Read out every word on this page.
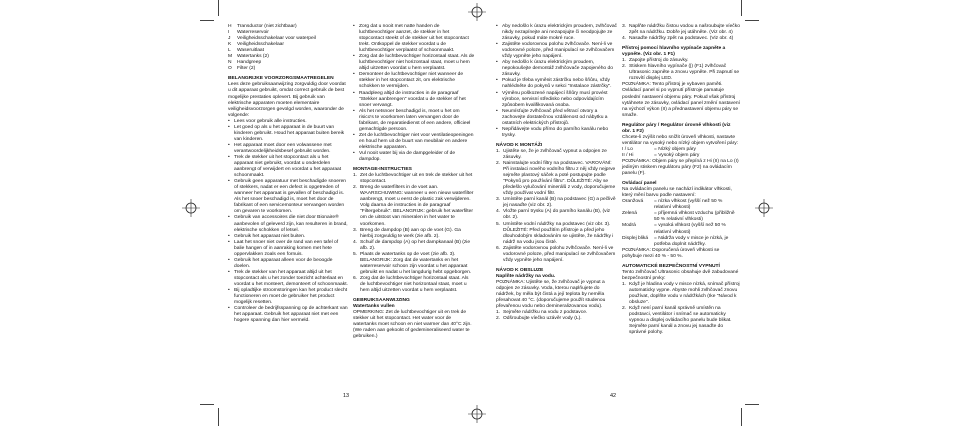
H	Transductor (niet zichtbaar)
I	Waterreservoir
J	Veiligheidsschakelaar voor waterpeil
K	Veiligheidsschakelaar
L	Waseruitlaat
M	Watertanks (2)
N	Handgreep
O	Filter (2)

BELANGRIJKE VOORZORGSMAATREGELEN

Lees deze gebruiksaanwijzing zorgvuldig door voordat u dit apparaat gebruikt, omdat correct gebruik de best mogelijke prestaties oplevert. Bij gebruik van elektrische apparaten moeten elementaire veiligheidsvoorzorgen gevolgd worden, waaronder de volgende:

• Lees voor gebruik alle instructies.
• Let goed op als u het apparaat in de buurt van kinderen gebruikt. Houd het apparaat buiten bereik van kinderen.
• Het apparaat moet door een volwassene met verantwoordelijkheidsbesef gebruikt worden.
• Trek de stekker uit het stopcontact als u het apparaat niet gebruikt, voordat u onderdelen aanbrengt of verwijdert en voordat u het apparaat schoonmaakt.
• Gebruik geen apparatuur met beschadigde snoeren of stekkers, nadat er een defect is opgetreden of wanneer het apparaat is gevallen of beschadigd is. Als het snoer beschadigd is, moet het door de fabrikant of een servicemonteur vervangen worden om gevaren te voorkomen.
• Gebruik van accessoires die niet door Bionaire® aanbevolen of geleverd zijn, kan resulteren in brand, elektrische schokken of letsel.
• Gebruik het apparaat niet buiten.
• Laat het snoer niet over de rand van een tafel of balie hangen of in aanraking komen met hete oppervlakken zoals een fornuis.
• Gebruik het apparaat alleen voor de beoogde doelen.
• Trek de stekker van het apparaat altijd uit het stopcontact als u het zonder toezicht achterlaat en voordat u het monteert, demonteert of schoonmaakt.
• Bij opladtijke stroomstoringen kan het product slecht functioneren en moet de gebruiker het product mogelijk resetten.
• Controleer de bedrijfsspanning op de achterkant van het apparaat. Gebruik het apparaat niet met een hogere spanning dan hier vermeld.
• Zorg dat u nooit met natte handen de luchtbevochtiger aanzet, de stekker in het stopcontact steekt of de stekker uit het stopcontact trekt. Ontkoppel de stekker voordat u de luchtbevochtiger verplaatst of schoonmaakt.
• Zorg dat de luchtbevochtiger horizontaal staat. Als de luchtbevochtiger niet horizontaal staat, moet u hem altijd uitzetten voordat u hem verplaatst.
• Demonteer de luchtbevochtiger niet wanneer de stekker in het stopcontact zit, om elektrische schokken te vermijden.
• Raadpleeg altijd de instructies in de paragraaf "Stekker aanbrengen" voordat u de stekker of het snoer vervangt.
• Als het netsnoer beschadigd is, moet u het om risico's te voorkomen laten vervangen door de fabrikant, de reparatiedienst of een andere, officieel gemachtigde persoon.
• Zet de luchtbevochtiger niet voor ventilatieopeningen en houd hem uit de buurt van meubilair en andere elektrische apparaten.
• Vul nooit water bij via de dampgeleider of de dampdop.

MONTAGE-INSTRUCTIES

1. Zet de luchtbevochtiger uit en trek de stekker uit het stopcontact.
2. Breng de waterfilters in de voet aan. WAARSCHUWING: wanneer u een nieuw waterfilter aanbrengt, moet u eerst de plastic zak verwijderen. Volg daarna de instructies in de paragraaf "Filtergebruik". BELANGRIJK: gebruik het waterfilter om de uitstoot van mineralen in het water te voorkomen.
3. Breng de dampdop (B) aan op de voet (G). Ga hierbij zorgvuldig te werk (zie afb. 2).
4. Schuif de dampdop (A) op het dampkanaal (B) (zie afb. 2).
5. Plaats de watertanks op de voet (zie afb. 3). BELANGRIJK: Zorg dat de watertanks en het waterreservoir schoon zijn voordat u het apparaat gebruikt en nadat u het langdurig hebt opgeborgen.
6. Zorg dat de luchtbevochtiger horizontaal staat. Als de luchtbevochtiger niet horizontaal staat, moet u hem altijd uitzetten voordat u hem verplaatst.

GEBRUIKSAANWIJZING

Watertanks vullen

OPMERKING: Zet de luchtbevochtiger uit en trek de stekker uit het stopcontact. Het water voor de watertanks moet schoon en niet warmer dan 40°C zijn. (We raden aan gekookt of gedemineraliseerd water te gebruiken.)

• Aby nedošlo k úrazu elektrickým proudem, zvlhčovač nikdy nezapínejte ani nezapojujte či neodpojujte ze zásuvky, pokud máte mokré ruce.
• Zajistěte vodorovnou polohu zvlhčovače. Není-li ve vodorovné poloze, před manipulací se zvlhčovačem vždy vypněte jeho napájení.
• Aby nedošlo k úrazu elektrickým proudem, nepokoušejte demontáž zvlhčovače zapojeného do zásuvky.
• Pokud je třeba vyměnit zástrčku nebo šňůru, vždy nahlédněte do pokynů v sekci "Instalace zástrčky".
• Výměnu poškozené napájecí šňůry musí provést výrobce, servisní středisko nebo odpovídajícím způsobem kvalifikovaná osoba.
• Neumísťujte zvlhčovač před větrací otvory a zachovejte dostatečnou vzdálenost od nábytku a ostatních elektrických přístrojů.
• Nepřidávejte vodu přímo do parního kanálu nebo trysky.

NÁVOD K MONTÁŽI

1. Ujistěte se, že je zvlhčovač vypnut a odpojen ze zásuvky.
2. Nainstalujte vodní filtry na podstavec. VAROVÁNÍ: Při instalaci nového vodního filtru z něj vždy nejprve sejměte plastový sáček a poté postupujte podle "Pokynů pro používání filtru". DŮLEŽITÉ: Aby se předešlo vylučování minerálů z vody, doporučujeme vždy používat vodní filtr.
3. Umístěte parní kanál (B) na podstavec (G) a pečlivě jej nasaďte (viz obr. 2).
4. Vložte parní trysku (A) do parního kanálu (B), (viz obr. 2).
5. Umístěte vodní nádržky na podstavec (viz obr. 3). DŮLEŽITÉ: Před použitím přístroje a před jeho dlouhodobým skladováním se ujistěte, že nádržky i nádrž na vodu jsou čisté.
6. Zajistěte vodorovnou polohu zvlhčovače. Není-li ve vodorovné poloze, před manipulací se zvlhčovačem vždy vypněte jeho napájení.

NÁVOD K OBSLUZE

Naplňte nádržky na vodu.

POZNÁMKA: Ujistěte se, že zvlhčovač je vypnut a odpojen ze zásuvky. Voda, kterou naplňujete do nádržek, by měla být čistá a její teplota by neměla přesahovat 40 °C. (doporučujeme použít studenou převařenou vodu nebo demineralizovanou vodu).

1. Sejměte nádržku na vodu z podstavce.
2. Odšroubujte víečko uzávěr vody (L).
3. Naplňte nádržku čistou vodou a našroubujte víečko zpět na nádržku. Dobře jej utáhněte. (Viz obr. 4)
4. Nasaďte nádržky zpět na podstavec. (Viz obr. 4)

Přístroj pomocí hlavního vypínače zapněte a vypněte. (Viz obr. 1 F1)

1. Zapojte přístroj do zásuvky.
2. Stiskem hlavního vypínače (|) (F1) zvlhčovač Ultrasonic zapněte a znovu vypněte. Při zapnutí se rozsvítí displej LED.

POZNÁMKA: Tento přístroj je vybaven paměti. Ovládací panel si po vypnutí přístroje pamatuje poslední nastavení objemu páry. Pokud však přístroj vytáhnete ze zásuvky, ovládací panel změní nastavení na výchozí výkon (II) a přednastavení objemu páry se smaže.

Regulátor páry / Regulátor úrovně vlhkosti (viz obr. 1 F2)

Chcete-li zvýšit nebo snížit úroveň vlhkosti, nastavte ventilátor na vysoký nebo nízký objem vytvoření páry:

I / Lo	= Nízký objem páry
II / Hi	= Vysoký objem páry

POZNÁMKA: Objem páry se přepíná z Hi (II) na Lo (I) jediným stiskem regulátoru páry (F2) na ovládacím panelu (F).

Ovládací panel

Na ovládacím panelu se nachází indikátor vlhkosti, který mění barvu podle nastavení:

Oranžová	= nízka vlhkost (vyšší než 50 % relativní vlhkosti)
Zelená	= příjemná vlhkost vzduchu (přibližně 50 % relativní vlhkosti)
Modrá	= vysoká vlhkost (vyšší než 50 % relativní vlhkosti)
Displej bliká	= Nádrža vody v misce je nízká, je potřeba doplnit nádržky.

POZNÁMKA: Doporučená úroveň vlhkosti se pohybuje mezi 40 % - 50 %.

AUTOMATICKÉ BEZPEČNOSTNÍ VYPNUTÍ

Tento zvlhčovač Ultrasonic obsahuje dvě zabudované bezpečnostní prvky:

1. Když je hladina vody v misce nízká, snímač přístroj automaticky vypne. Abyste mohli zvlhčovač znovu používat, doplňte vodu v nádržkách (Ike "Návod k obsluze".
2. Když není parní kanál správně umístěn na podstavci, ventilátor i snímač se automaticky vypnou a displej ovládacího panelu bude blikat. Sejměte parní kanál a znovu jej nasaďte do správné polohy.
13	42
